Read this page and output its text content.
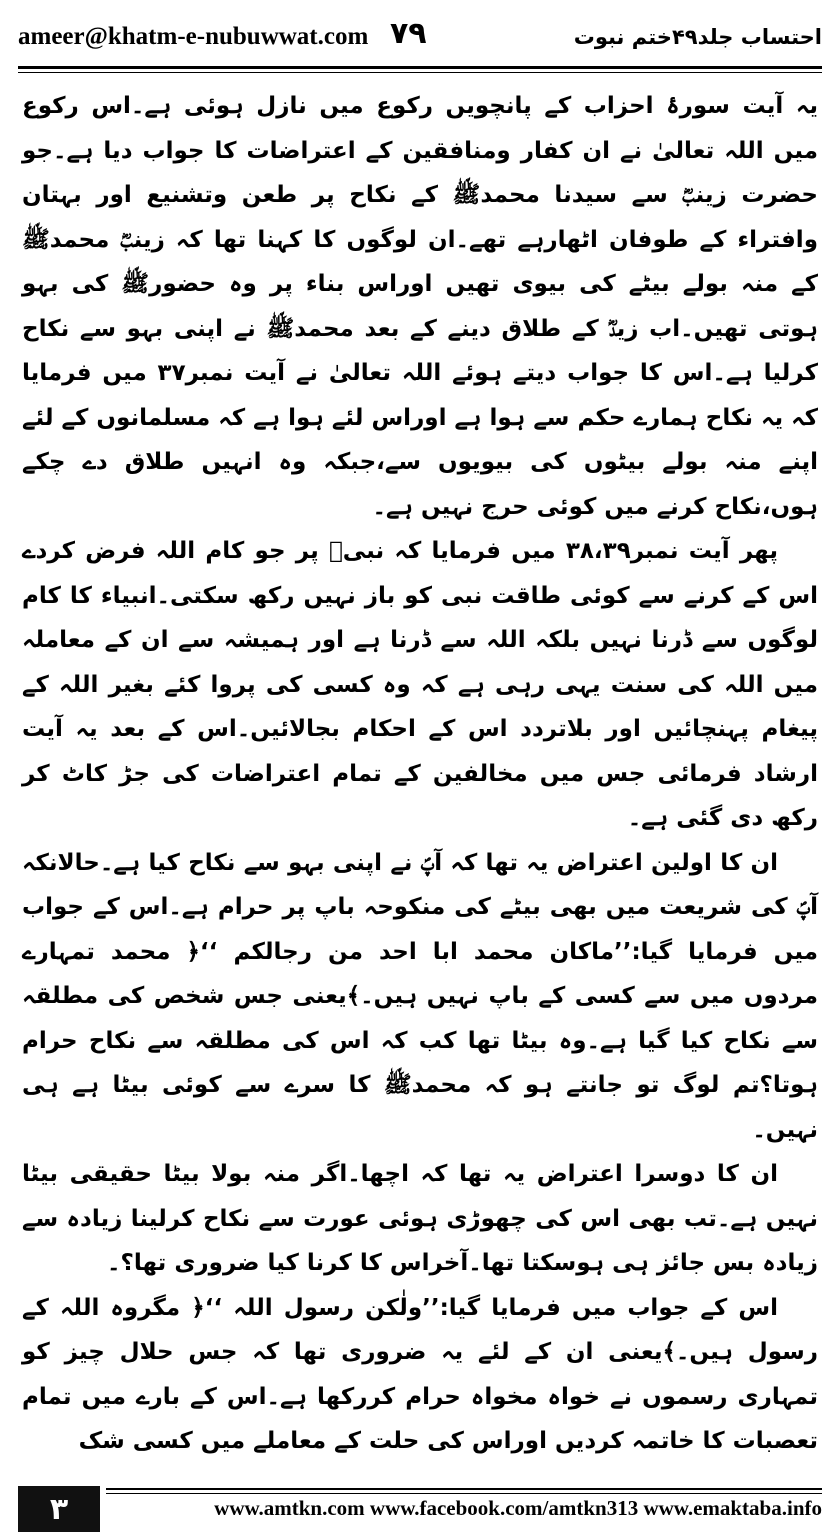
ameer@khatm-e-nubuwwat.com ۷۹	احتساب جلد۴۹ختم نبوت

یہ آیت سورۂ احزاب کے پانچویں رکوع میں نازل ہوئی ہے۔اس رکوع میں اللہ تعالیٰ نے ان کفار ومنافقین کے اعتراضات کا جواب دیا ہے۔جو حضرت زینبؓ سے سیدنا محمدﷺ کے نکاح پر طعن وتشنیع اور بہتان وافتراء کے طوفان اٹھارہے تھے۔ان لوگوں کا کہنا تھا کہ زینبؓ محمدﷺ کے منہ بولے بیٹے کی بیوی تھیں اوراس بناء پر وہ حضورﷺ کی بہو ہوتی تھیں۔اب زیدؓ کے طلاق دینے کے بعد محمدﷺ نے اپنی بہو سے نکاح کرلیا ہے۔اس کا جواب دیتے ہوئے اللہ تعالیٰ نے آیت نمبر۳۷ میں فرمایا کہ یہ نکاح ہمارے حکم سے ہوا ہے اوراس لئے ہوا ہے کہ مسلمانوں کے لئے اپنے منہ بولے بیٹوں کی بیویوں سے،جبکہ وہ انہیں طلاق دے چکے ہوں،نکاح کرنے میں کوئی حرج نہیں ہے۔

پھر آیت نمبر۳۸،۳۹ میں فرمایا کہ نبیؐ پر جو کام اللہ فرض کردے اس کے کرنے سے کوئی طاقت نبی کو باز نہیں رکھ سکتی۔انبیاء کا کام لوگوں سے ڈرنا نہیں بلکہ اللہ سے ڈرنا ہے اور ہمیشہ سے ان کے معاملہ میں اللہ کی سنت یہی رہی ہے کہ وہ کسی کی پروا کئے بغیر اللہ کے پیغام پہنچائیں اور بلاتردد اس کے احکام بجالائیں۔اس کے بعد یہ آیت ارشاد فرمائی جس میں مخالفین کے تمام اعتراضات کی جڑ کاٹ کر رکھ دی گئی ہے۔

ان کا اولین اعتراض یہ تھا کہ آپؐ نے اپنی بہو سے نکاح کیا ہے۔حالانکہ آپؐ کی شریعت میں بھی بیٹے کی منکوحہ باپ پر حرام ہے۔اس کے جواب میں فرمایا گیا:’’ماکان محمد ابا احد من رجالکم ‘‘﴿ محمد تمہارے مردوں میں سے کسی کے باپ نہیں ہیں۔﴾یعنی جس شخص کی مطلقہ سے نکاح کیا گیا ہے۔وہ بیٹا تھا کب کہ اس کی مطلقہ سے نکاح حرام ہوتا؟تم لوگ تو جانتے ہو کہ محمدﷺ کا سرے سے کوئی بیٹا ہے ہی نہیں۔

ان کا دوسرا اعتراض یہ تھا کہ اچھا۔اگر منہ بولا بیٹا حقیقی بیٹا نہیں ہے۔تب بھی اس کی چھوڑی ہوئی عورت سے نکاح کرلینا زیادہ سے زیادہ بس جائز ہی ہوسکتا تھا۔آخراس کا کرنا کیا ضروری تھا؟۔

اس کے جواب میں فرمایا گیا:’’ولٰکن رسول اللہ ‘‘﴿ مگروہ اللہ کے رسول ہیں۔﴾یعنی ان کے لئے یہ ضروری تھا کہ جس حلال چیز کو تمہاری رسموں نے خواہ مخواہ حرام کررکھا ہے۔اس کے بارے میں تمام تعصبات کا خاتمہ کردیں اوراس کی حلت کے معاملے میں کسی شک

۳	www.amtkn.com www.facebook.com/amtkn313 www.emaktaba.info
